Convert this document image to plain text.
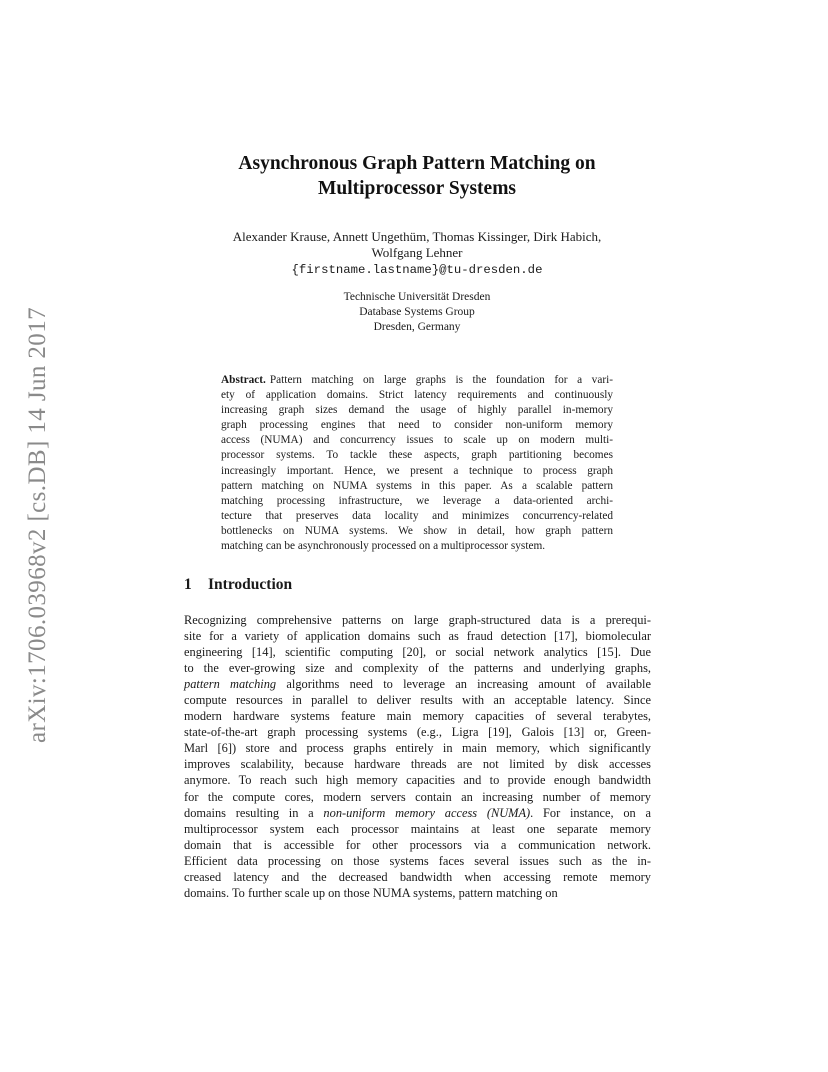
arXiv:1706.03968v2 [cs.DB] 14 Jun 2017
Asynchronous Graph Pattern Matching on
Multiprocessor Systems
Alexander Krause, Annett Ungethüm, Thomas Kissinger, Dirk Habich,
Wolfgang Lehner
{firstname.lastname}@tu-dresden.de
Technische Universität Dresden
Database Systems Group
Dresden, Germany
Abstract. Pattern matching on large graphs is the foundation for a vari-
ety of application domains. Strict latency requirements and continuously
increasing graph sizes demand the usage of highly parallel in-memory
graph processing engines that need to consider non-uniform memory
access (NUMA) and concurrency issues to scale up on modern multi-
processor systems. To tackle these aspects, graph partitioning becomes
increasingly important. Hence, we present a technique to process graph
pattern matching on NUMA systems in this paper. As a scalable pattern
matching processing infrastructure, we leverage a data-oriented archi-
tecture that preserves data locality and minimizes concurrency-related
bottlenecks on NUMA systems. We show in detail, how graph pattern
matching can be asynchronously processed on a multiprocessor system.
1 Introduction
Recognizing comprehensive patterns on large graph-structured data is a prerequi-
site for a variety of application domains such as fraud detection [17], biomolecular
engineering [14], scientific computing [20], or social network analytics [15]. Due
to the ever-growing size and complexity of the patterns and underlying graphs,
pattern matching algorithms need to leverage an increasing amount of available
compute resources in parallel to deliver results with an acceptable latency. Since
modern hardware systems feature main memory capacities of several terabytes,
state-of-the-art graph processing systems (e.g., Ligra [19], Galois [13] or, Green-
Marl [6]) store and process graphs entirely in main memory, which significantly
improves scalability, because hardware threads are not limited by disk accesses
anymore. To reach such high memory capacities and to provide enough bandwidth
for the compute cores, modern servers contain an increasing number of memory
domains resulting in a non-uniform memory access (NUMA). For instance, on a
multiprocessor system each processor maintains at least one separate memory
domain that is accessible for other processors via a communication network.
Efficient data processing on those systems faces several issues such as the in-
creased latency and the decreased bandwidth when accessing remote memory
domains. To further scale up on those NUMA systems, pattern matching on
